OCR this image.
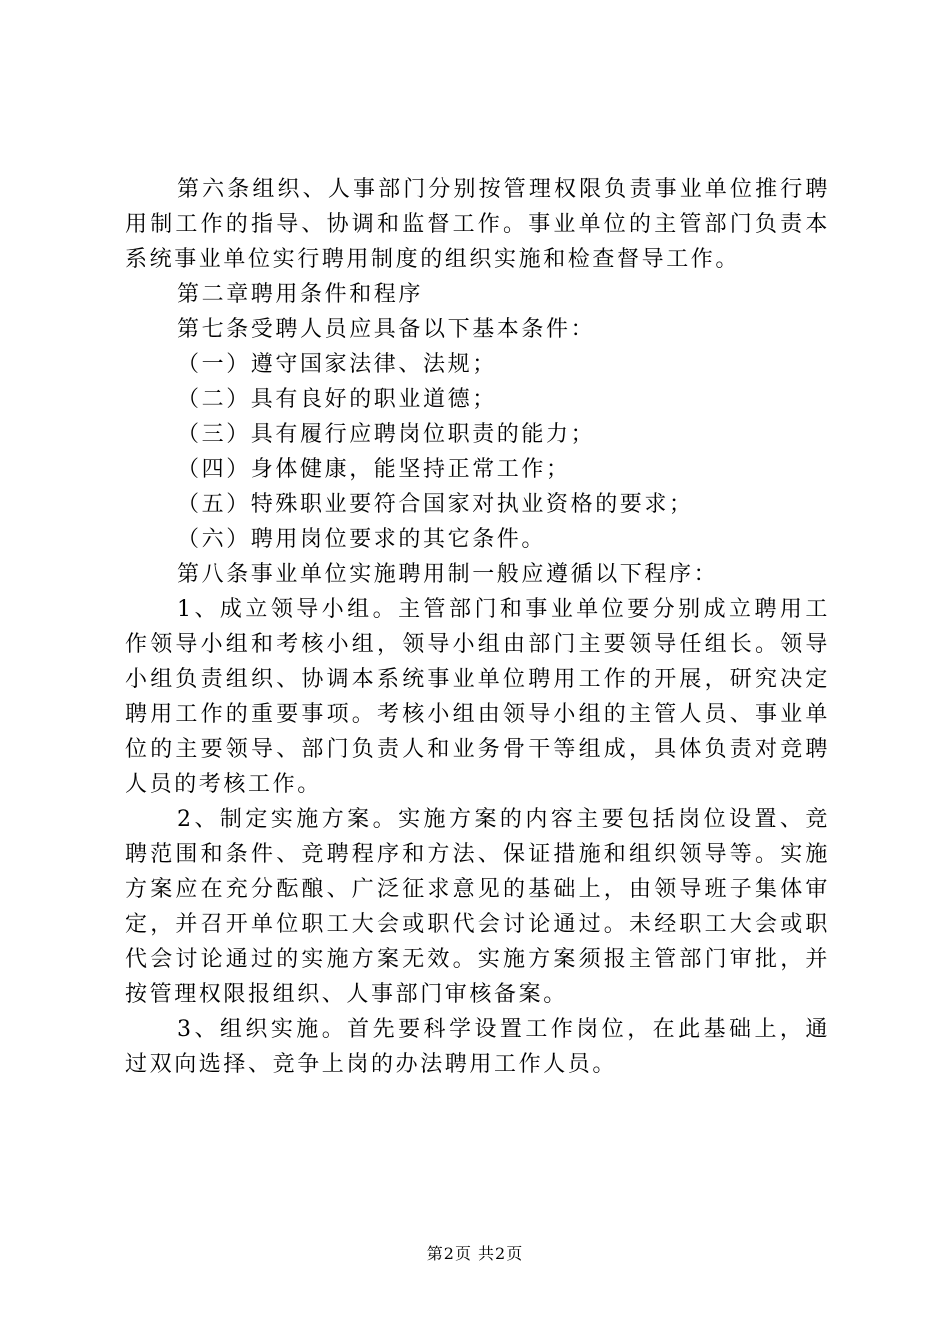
第六条组织、人事部门分别按管理权限负责事业单位推行聘用制工作的指导、协调和监督工作。事业单位的主管部门负责本系统事业单位实行聘用制度的组织实施和检查督导工作。

第二章聘用条件和程序

第七条受聘人员应具备以下基本条件：

（一）遵守国家法律、法规；

（二）具有良好的职业道德；

（三）具有履行应聘岗位职责的能力；

（四）身体健康，能坚持正常工作；

（五）特殊职业要符合国家对执业资格的要求；

（六）聘用岗位要求的其它条件。

第八条事业单位实施聘用制一般应遵循以下程序：

1、成立领导小组。主管部门和事业单位要分别成立聘用工作领导小组和考核小组，领导小组由部门主要领导任组长。领导小组负责组织、协调本系统事业单位聘用工作的开展，研究决定聘用工作的重要事项。考核小组由领导小组的主管人员、事业单位的主要领导、部门负责人和业务骨干等组成，具体负责对竞聘人员的考核工作。

2、制定实施方案。实施方案的内容主要包括岗位设置、竞聘范围和条件、竞聘程序和方法、保证措施和组织领导等。实施方案应在充分酝酿、广泛征求意见的基础上，由领导班子集体审定，并召开单位职工大会或职代会讨论通过。未经职工大会或职代会讨论通过的实施方案无效。实施方案须报主管部门审批，并按管理权限报组织、人事部门审核备案。

3、组织实施。首先要科学设置工作岗位，在此基础上，通过双向选择、竞争上岗的办法聘用工作人员。

第2页 共2页
